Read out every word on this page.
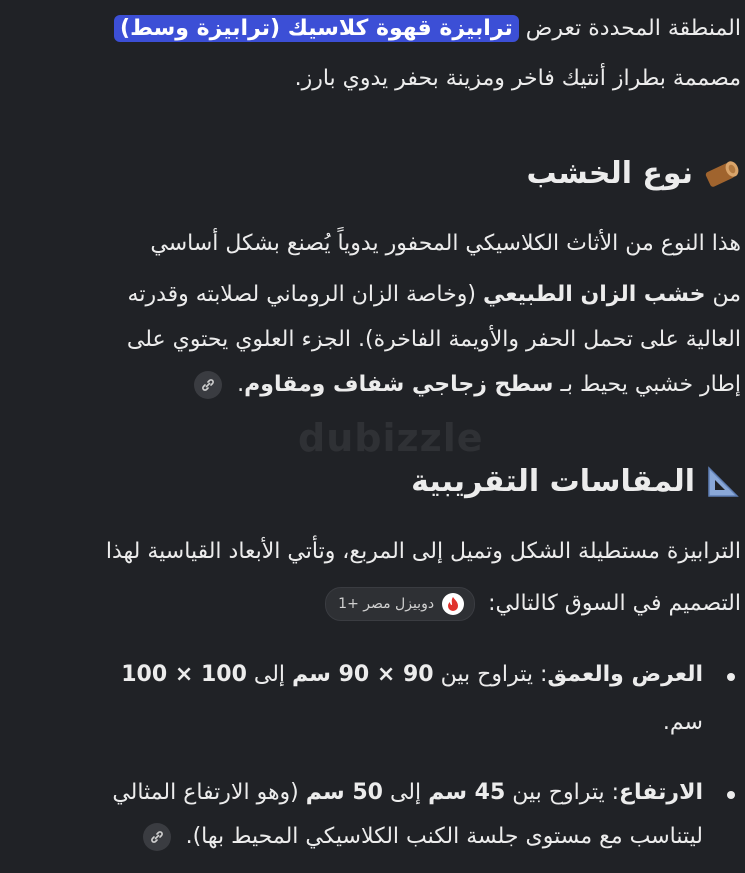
المنطقة المحددة تعرض ترابيزة قهوة كلاسيك (ترابيزة وسط)
مصممة بطراز أنتيك فاخر ومزينة بحفر يدوي بارز.
نوع الخشب
هذا النوع من الأثاث الكلاسيكي المحفور يدوياً يُصنع بشكل أساسي
من خشب الزان الطبيعي (وخاصة الزان الروماني لصلابته وقدرته
العالية على تحمل الحفر والأويمة الفاخرة). الجزء العلوي يحتوي على
إطار خشبي يحيط بـ سطح زجاجي شفاف ومقاوم.
dubizzle
المقاسات التقريبية
الترابيزة مستطيلة الشكل وتميل إلى المربع، وتأتي الأبعاد القياسية لهذا
التصميم في السوق كالتالي:
دوبيزل مصر +1
العرض والعمق: يتراوح بين 90 × 90 سم إلى 100 × 100
سم.
الارتفاع: يتراوح بين 45 سم إلى 50 سم (وهو الارتفاع المثالي
ليتناسب مع مستوى جلسة الكنب الكلاسيكي المحيط بها).
